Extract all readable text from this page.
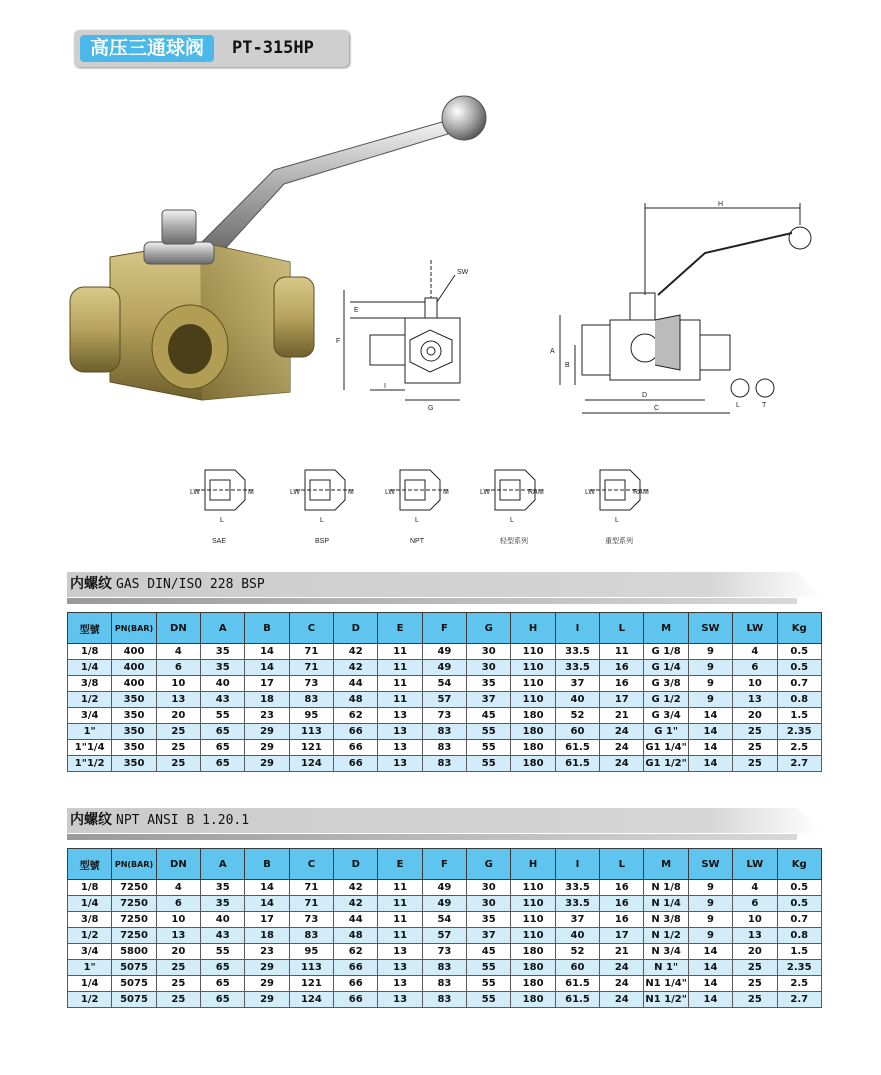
高压三通球阀	PT-315HP
SW
E
F
I
G
H
A
B
D
C	L	T
SAE	BSP	NPT	轻型系列	重型系列
LW	M
L
LW	M
L
LW	M
L
LW	RA M
L
LW	RA M
L
内螺纹 GAS DIN/ISO 228 BSP
型號	PN(BAR)	DN	A	B	C	D	E	F	G	H	I	L	M	SW	LW	Kg
1/8	400	4	35	14	71	42	11	49	30	110	33.5	11	G 1/8	9	4	0.5
1/4	400	6	35	14	71	42	11	49	30	110	33.5	16	G 1/4	9	6	0.5
3/8	400	10	40	17	73	44	11	54	35	110	37	16	G 3/8	9	10	0.7
1/2	350	13	43	18	83	48	11	57	37	110	40	17	G 1/2	9	13	0.8
3/4	350	20	55	23	95	62	13	73	45	180	52	21	G 3/4	14	20	1.5
1"	350	25	65	29	113	66	13	83	55	180	60	24	G 1"	14	25	2.35
1"1/4	350	25	65	29	121	66	13	83	55	180	61.5	24	G1 1/4"	14	25	2.5
1"1/2	350	25	65	29	124	66	13	83	55	180	61.5	24	G1 1/2"	14	25	2.7
内螺纹 NPT ANSI B 1.20.1
型號	PN(BAR)	DN	A	B	C	D	E	F	G	H	I	L	M	SW	LW	Kg
1/8	7250	4	35	14	71	42	11	49	30	110	33.5	16	N 1/8	9	4	0.5
1/4	7250	6	35	14	71	42	11	49	30	110	33.5	16	N 1/4	9	6	0.5
3/8	7250	10	40	17	73	44	11	54	35	110	37	16	N 3/8	9	10	0.7
1/2	7250	13	43	18	83	48	11	57	37	110	40	17	N 1/2	9	13	0.8
3/4	5800	20	55	23	95	62	13	73	45	180	52	21	N 3/4	14	20	1.5
1"	5075	25	65	29	113	66	13	83	55	180	60	24	N 1"	14	25	2.35
1/4	5075	25	65	29	121	66	13	83	55	180	61.5	24	N1 1/4"	14	25	2.5
1/2	5075	25	65	29	124	66	13	83	55	180	61.5	24	N1 1/2"	14	25	2.7
